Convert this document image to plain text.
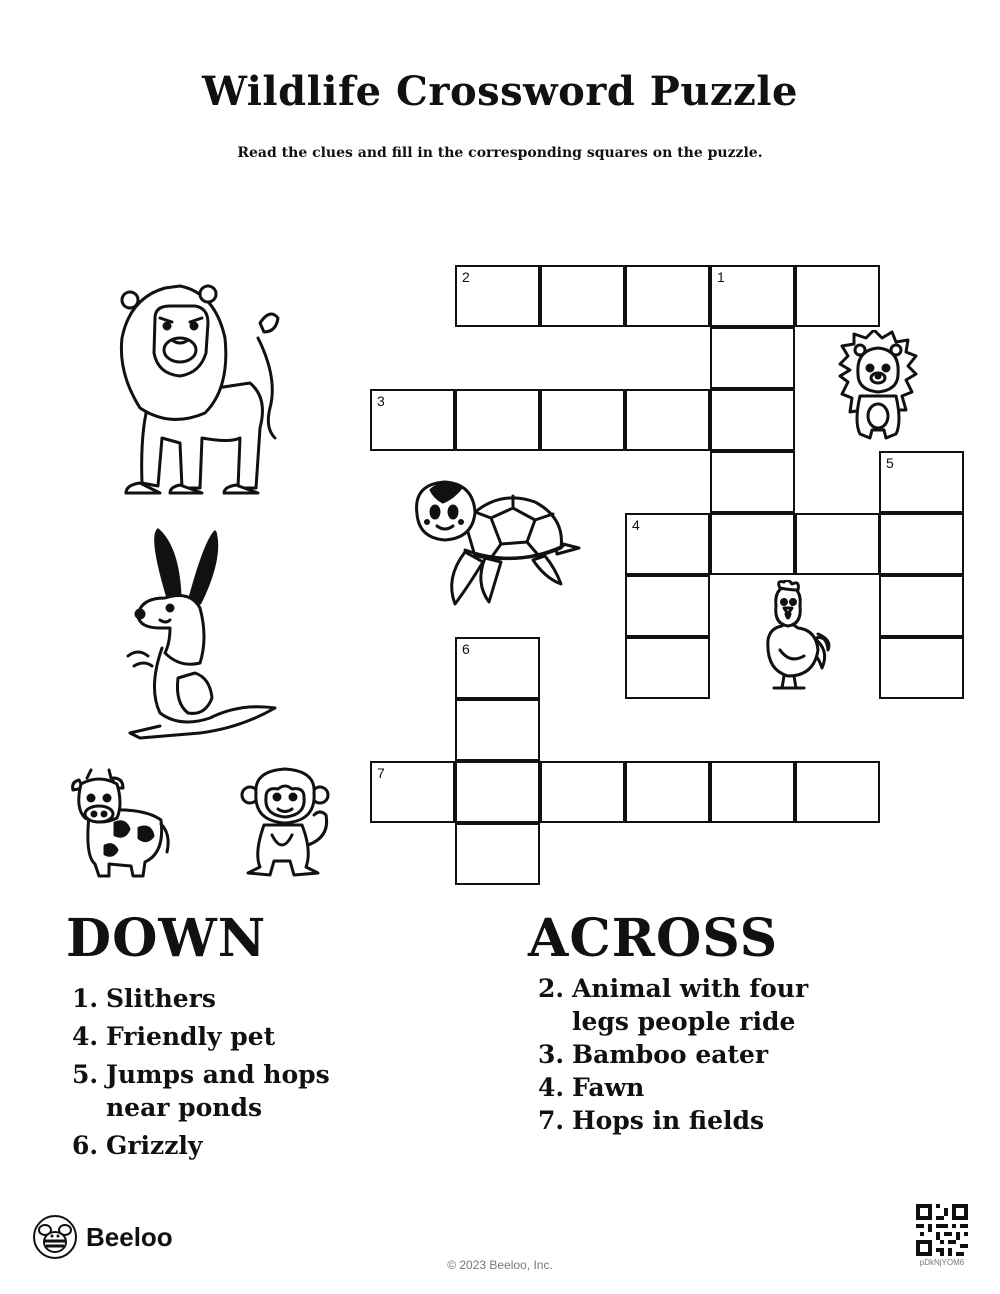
Wildlife Crossword Puzzle
Read the clues and fill in the corresponding squares on the puzzle.
2	1
3
5
4
6
7
DOWN
1. Slithers
4. Friendly pet
5. Jumps and hops near ponds
6. Grizzly
ACROSS
2. Animal with four legs people ride
3. Bamboo eater
4. Fawn
7. Hops in fields
Beeloo
© 2023 Beeloo, Inc.	pDkNjYOM6
